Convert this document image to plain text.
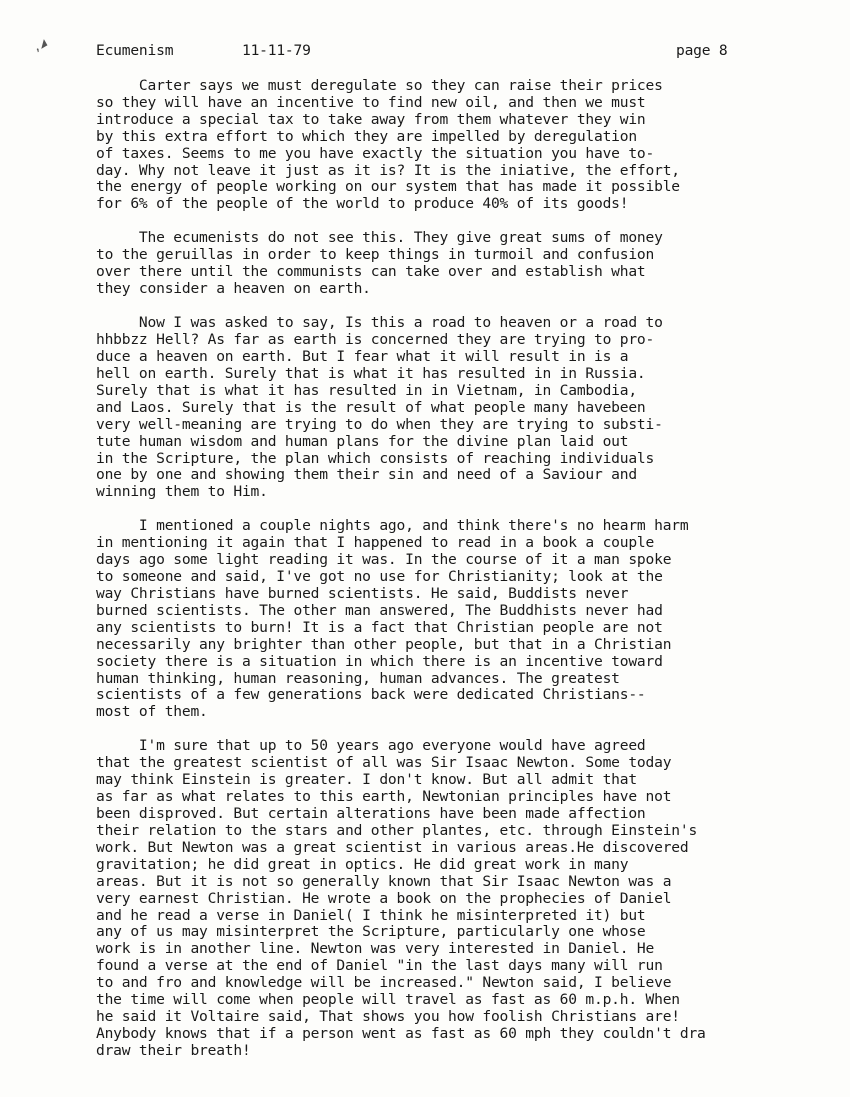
,◢	Ecumenism	11-11-79	page 8
Carter says we must deregulate so they can raise their prices
so they will have an incentive to find new oil, and then we must
introduce a special tax to take away from them whatever they win
by this extra effort to which they are impelled by deregulation
of taxes. Seems to me you have exactly the situation you have to-
day. Why not leave it just as it is? It is the iniative, the effort,
the energy of people working on our system that has made it possible
for 6% of the people of the world to produce 40% of its goods!
The ecumenists do not see this. They give great sums of money
to the geruillas in order to keep things in turmoil and confusion
over there until the communists can take over and establish what
they consider a heaven on earth.
Now I was asked to say, Is this a road to heaven or a road to
hhbbzz Hell? As far as earth is concerned they are trying to pro-
duce a heaven on earth. But I fear what it will result in is a
hell on earth. Surely that is what it has resulted in in Russia.
Surely that is what it has resulted in in Vietnam, in Cambodia,
and Laos. Surely that is the result of what people many havebeen
very well-meaning are trying to do when they are trying to substi-
tute human wisdom and human plans for the divine plan laid out
in the Scripture, the plan which consists of reaching individuals
one by one and showing them their sin and need of a Saviour and
winning them to Him.
I mentioned a couple nights ago, and think there's no hearm harm
in mentioning it again that I happened to read in a book a couple
days ago some light reading it was. In the course of it a man spoke
to someone and said, I've got no use for Christianity; look at the
way Christians have burned scientists. He said, Buddists never
burned scientists. The other man answered, The Buddhists never had
any scientists to burn! It is a fact that Christian people are not
necessarily any brighter than other people, but that in a Christian
society there is a situation in which there is an incentive toward
human thinking, human reasoning, human advances. The greatest
scientists of a few generations back were dedicated Christians--
most of them.
I'm sure that up to 50 years ago everyone would have agreed
that the greatest scientist of all was Sir Isaac Newton. Some today
may think Einstein is greater. I don't know. But all admit that
as far as what relates to this earth, Newtonian principles have not
been disproved. But certain alterations have been made affection
their relation to the stars and other plantes, etc. through Einstein's
work. But Newton was a great scientist in various areas.He discovered
gravitation; he did great in optics. He did great work in many
areas. But it is not so generally known that Sir Isaac Newton was a
very earnest Christian. He wrote a book on the prophecies of Daniel
and he read a verse in Daniel( I think he misinterpreted it) but
any of us may misinterpret the Scripture, particularly one whose
work is in another line. Newton was very interested in Daniel. He
found a verse at the end of Daniel "in the last days many will run
to and fro and knowledge will be increased." Newton said, I believe
the time will come when people will travel as fast as 60 m.p.h. When
he said it Voltaire said, That shows you how foolish Christians are!
Anybody knows that if a person went as fast as 60 mph they couldn't dra
draw their breath!
